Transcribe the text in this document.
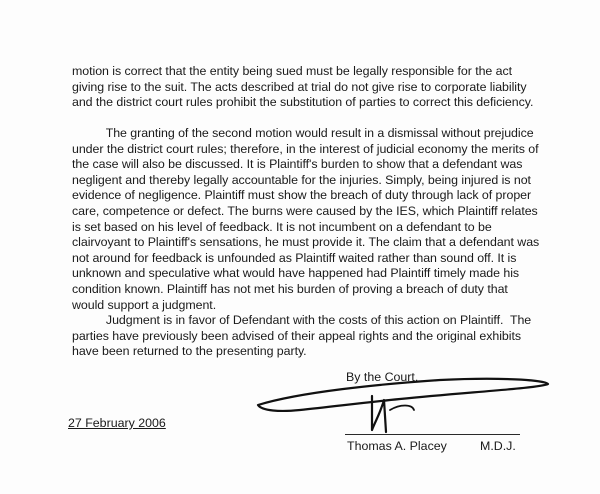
motion is correct that the entity being sued must be legally responsible for the act
giving rise to the suit. The acts described at trial do not give rise to corporate liability
and the district court rules prohibit the substitution of parties to correct this deficiency.
The granting of the second motion would result in a dismissal without prejudice
under the district court rules; therefore, in the interest of judicial economy the merits of
the case will also be discussed. It is Plaintiff's burden to show that a defendant was
negligent and thereby legally accountable for the injuries. Simply, being injured is not
evidence of negligence. Plaintiff must show the breach of duty through lack of proper
care, competence or defect. The burns were caused by the IES, which Plaintiff relates
is set based on his level of feedback. It is not incumbent on a defendant to be
clairvoyant to Plaintiff's sensations, he must provide it. The claim that a defendant was
not around for feedback is unfounded as Plaintiff waited rather than sound off. It is
unknown and speculative what would have happened had Plaintiff timely made his
condition known. Plaintiff has not met his burden of proving a breach of duty that
would support a judgment.
Judgment is in favor of Defendant with the costs of this action on Plaintiff.  The
parties have previously been advised of their appeal rights and the original exhibits
have been returned to the presenting party.
By the Court,
27 February 2006
Thomas A. Placey	M.D.J.
